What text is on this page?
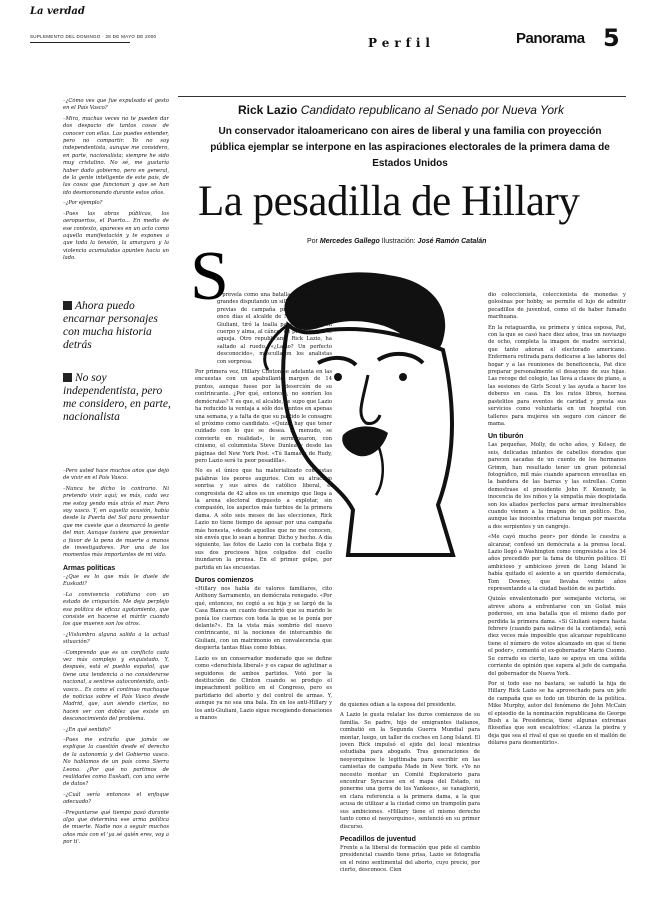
La verdad
SUPLEMENTO DEL DOMINGO · 28 DE MAYO DE 2000	Perfil	Panorama 5
Rick Lazio Candidato republicano al Senado por Nueva York
Un conservador italoamericano con aires de liberal y una familia con proyección pública ejemplar se interpone en las aspiraciones electorales de la primera dama de Estados Unidos
La pesadilla de Hillary
Por Mercedes Gallego Ilustración: José Ramón Catalán
S

–¿Cómo ves que fue expulsado el gesto en el País Vasco?

–Mira, muchas veces no te pueden dar dos despacio de tantos cosas de conocer con ellas. Las puedes entender, pero no compartir. Yo no soy independentista, aunque me considero, en parte, nacionalista; siempre he sido muy cristalino. No sé, me gustaría haber dado gobierno, pero en general, de la gente inteligente de este país, de las cosas que funcionan y que se han ido desmoronando durante estos años.

–¿Por ejemplo?

–Pues las obras públicas, los aeropuertos, el Puerto... En medio de ese contexto, apareces en un acto como aquella manifestación y te expones a que toda la tensión, la amargura y la violencia acumuladas apunten hacia un lado.

Ahora puedo encarnar personajes con mucha historia detrás
No soy independentista, pero me considero, en parte, nacionalista

–Pero usted hace muchos años que dejó de vivir en el País Vasco.

–Nunca he dicho lo contrario. Ni pretendo vivir aquí; es más, cada vez me estoy yendo más atrás el mar. Pero soy vasco. Y, en aquella ocasión, había desde la Puerta del Sol para presentar que me cueste que a desmarcó la gente del mar. Aunque tuviera que presentar a favor de la pena de muerte a manos de investigadores. Por una de los momentos más importantes de mi vida.

Armas políticas

–¿Que es lo que más le duele de Euskadi?

–La convivencia cotidiana con un estado de crispación. Me deja perplejo esa política de eficaz agotamiento, que consiste en hacerse el mártir cuando los que mueren son los otros.

–¿Vislumbra alguna salida a la actual situación?

–Comprendo que es un conflicto cada vez más complejo y enquistado. Y, después, está el pueblo español, que tiene una tendencia a no considerarse nacional, a sentirse autocontenido, anti-vasco... Es como el continuo machaque de noticias sobre el País Vasco desde Madrid, que, aun siendo ciertas, no hacen ver con doblez que existe un desconocimiento del problema.

–¿En qué sentido?

–Pues me extraña que jamás se explique la cuestión desde el derecho de la autonomía y del Gobierno vasco. No hablamos de un país como Sierra Leona. ¿Por qué no partimos de realidades como Euskadi, con una serie de datos?

–¿Cuál sería entonces el enfoque adecuado?

–Preguntarse qué tiempo pasó durante algo que determina ese arma política de muerte. Nadie nos a seguir muchos años más con el 'ya sé quién eres, voy a por ti'.

e prevela como una batalla de titanes, dos grandes disputando un sillón el Senado con previas de campaña presidencial. Pero, once días el alcalde de Nueva York Rudy Giuliani, tiró la toalla para dedicarse, en cuerpo y alma, al cáncer de próstata que le aqueja. Otro republicano, Rick Lazio, ha saltado al ruedo. «¿Lazio? Un perfecto desconocido», mascullaron los analistas con sorpresa.

Por primera vez, Hillary Clinton se adelanta en las encuestas con un apabullante margen de 14 puntos, aunque fuese por la deserción de su contrincante. ¿Por qué, entonces, no sonríen los demócratas? Y es que, el alcalde, se supo que Lazio ha reducido la ventaja a sólo dos puntos en apenas una semana, y a falta de que su partido le consagre el próximo como candidato. «Quizá, hay que tener cuidado con lo que se desea. A menudo, se convierte en realidad», le sermonearon, con cinismo, el columnista Steve Dunleavy desde las páginas del New York Post. «Tú llamaste de Rudy, pero Lazio será tu peor pesadilla».

No es el único que ha materializado con estas palabras los peores augurios. Con su atractivo sonrisa y sus aires de católico liberal, el congresista de 42 años es un enemigo que llega a la arena electoral dispuesto a explotar, sin compasión, los aspectos más turbios de la primera dama. A sólo seis meses de las elecciones, Rick Lazio no tiene tiempo de aposar por una campaña más honesta, «desde aquellos que no me conocen, sin envés que lo sean a honrar. Dicho y hecho. A día siguiente, las fotos de Lazio con la corbata floja y sus dos preciosos hijos colgados del cuello inundaron la prensa. En el primer golpe, por partida en las encuestas.

Duros comienzos

«Hillary nos habla de valores familiares, cito Anthony Sarramento, un demócrata renegado. «Por qué, entonces, no cogió a su hija y se largó de la Casa Blanca en cuanto descubrió que su marido le ponía los cuernos con toda la que se le ponía por delante?». En la vista más sombrío del nuevo contrincante, ni la nociones de intercambio de Giuliani, con un matrimonio en convalecencia que despierta tantas filias como fobias.

Lazio es un conservador moderado que se define como «derechista liberal» y es capaz de aglutinar a seguidores de ambos partidos. Votó por la destitución de Clinton cuando se produjo el impeachment político en el Congreso, pero es partidario del aborto y del control de armas. Y, aunque ya no sea una bala. En en los anti-Hillary y los anti-Giuliani, Lazio sigue recogiendo donaciones a manos

de quienes odian a la esposa del presidente.

A Lazio le gusta relatar los duros comienzos de su familia. Su padre, hijo de emigrantes italianos, combatió en la Segunda Guerra Mundial para montar, luego, un taller de coches en Long Island. El joven Rick impulsó el ejido del local mientras estudiaba para abogado. Tras generaciones de neoyorquinos le legitimaba para escribir en las camisetas de campaña Made in New York. «Yo no necesito montar un Comité Exploratorio para encontrar Syracuse en el mapa del Estado, ni ponerme una gorra de los Yankees», se vanaglorió, en clara referencia a la primera dama, a la que acusa de utilizar a la ciudad como un trampolín para sus ambiciones. «Hillary tiene el mismo derecho tanto como el neoyorquino», sentenció en su primer discurso.

Pecadillos de juventud

Frente a la liberal de formación que pide el cambio presidencial cuando tiene prisa, Lazio se fotografía en el reino sentimental del aborto, cuyo precio, por cierto, desconoce. Cien

dio coleccionista, coleccionista de monedas y golosinas por hobby, se permite el lujo de admitir pecadillos de juventud, como el de haber fumado marihuana.

En la retaguardia, su primera y única esposa, Pat, con la que se casó hace diez años, tras un noviazgo de ocho, completa la imagen de madre servicial, que tanto añoran el electorado americano. Enfermera retirada para dedicarse a las labores del hogar y a las reuniones de beneficencia, Pat dice preparar personalmente el desayuno de sus hijas. Las recoge del colegio, las lleva a clases de piano, a las sesiones de Girls Scout y las ayuda a hacer los deberes en casa. En los ratos libres, hornea pastelitos para eventos de caridad y presta sus servicios como voluntaria en un hospital con talleres para mujeres sin seguro con cáncer de mama.

Un tiburón

Las pequeñas, Molly, de ocho años, y Kelsey, de seis, delicadas infantes de cabellos dorados que parecen sacadas de un cuento de los hermanos Grimm, han resultado tener un gran potencial fotográfico, mil más cuando aparecen envueltas en la bandera de las barras y las estrellas. Como demostrase el presidente John F. Kennedy, la inocencia de los niños y la simpatía más despistada son los aliados perfectos para armar invulnerables cuando vienen a la imagen de un político. Eso, aunque las inocentes criaturas tengan por mascota a dos serpientes y un cangrejo.

«Me cayó mucho peor» por dónde le cuestra a alcanzar, confesó un demócrata a la prensa local. Lazio llegó a Washington como congresista a los 34 años precedido por la fama de tiburón político. El ambicioso y ambicioso joven de Long Island le había quitado el asiento a un querido demócrata, Tom Downey, que llevaba veinte años representando a la ciudad bastión de su partido.

Quizás envalentonado por semejante victoria, se atreve ahora a enfrentarse con un Goliat más poderoso, en una batalla que el mismo dado por perdida la primera dama. «Si Giuliani espera hasta febrero (cuando para salirse de la contienda), será diez veces más imposible que alcanzar republicano tiene el número de votos alcanzado en que sí tiene el poder», comentó el ex-gobernador Mario Cuomo. Su cerrado es cierto, lazo se apoya en una sólida corriente de opinión que supera al jefe de campaña del gobernador de Nueva York.

Por si todo eso no bastara, se saludó la hija de Hillary Rick Lazio se ha aprovechado para un jefe de campaña que es todo un tiburón de la política. Mike Murphy, autor del fenómeno de John McCain el episodio de la nominación republicana de George Bush a la Presidencia, tiene algunas extremas filosofías que son escalofríos: «Lanza la piedra y deja que sea el rival el que se quede en el mallón de dólares para desmentirlo».
